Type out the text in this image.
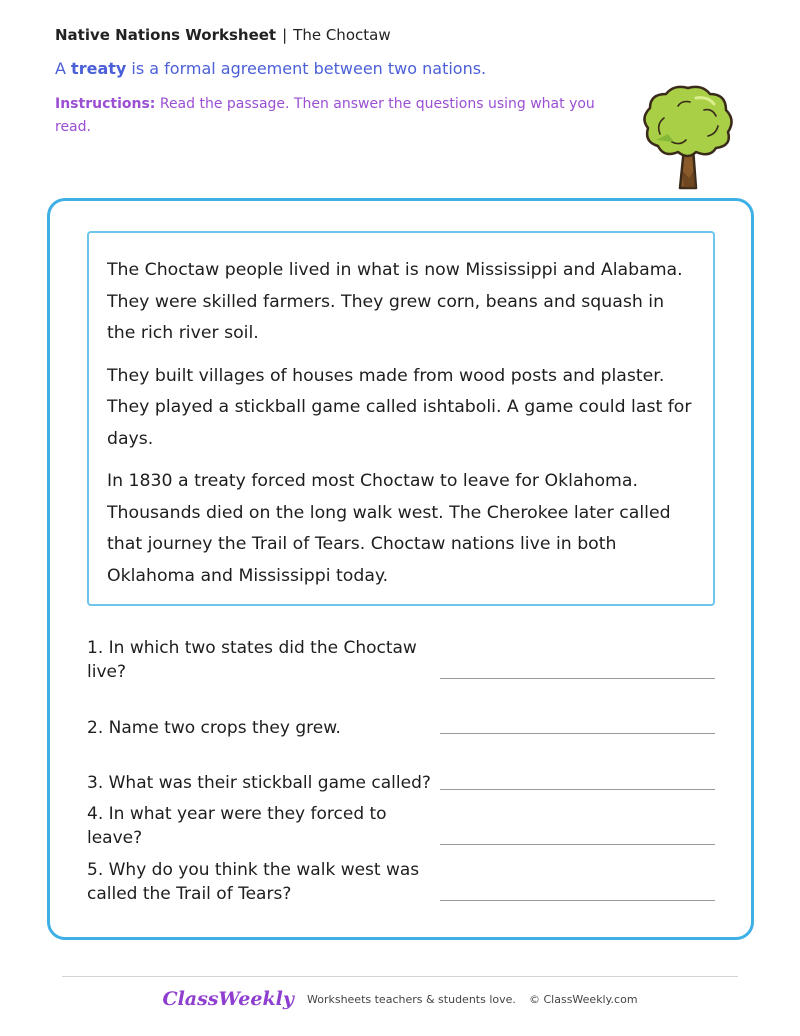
Native Nations Worksheet | The Choctaw
A treaty is a formal agreement between two nations.
Instructions: Read the passage. Then answer the questions using what you read.

The Choctaw people lived in what is now Mississippi and Alabama. They were skilled farmers. They grew corn, beans and squash in the rich river soil.

They built villages of houses made from wood posts and plaster. They played a stickball game called ishtaboli. A game could last for days.

In 1830 a treaty forced most Choctaw to leave for Oklahoma. Thousands died on the long walk west. The Cherokee later called that journey the Trail of Tears. Choctaw nations live in both Oklahoma and Mississippi today.

1. In which two states did the Choctaw live?
2. Name two crops they grew.
3. What was their stickball game called?
4. In what year were they forced to leave?
5. Why do you think the walk west was called the Trail of Tears?
ClassWeekly Worksheets teachers & students love. © ClassWeekly.com
